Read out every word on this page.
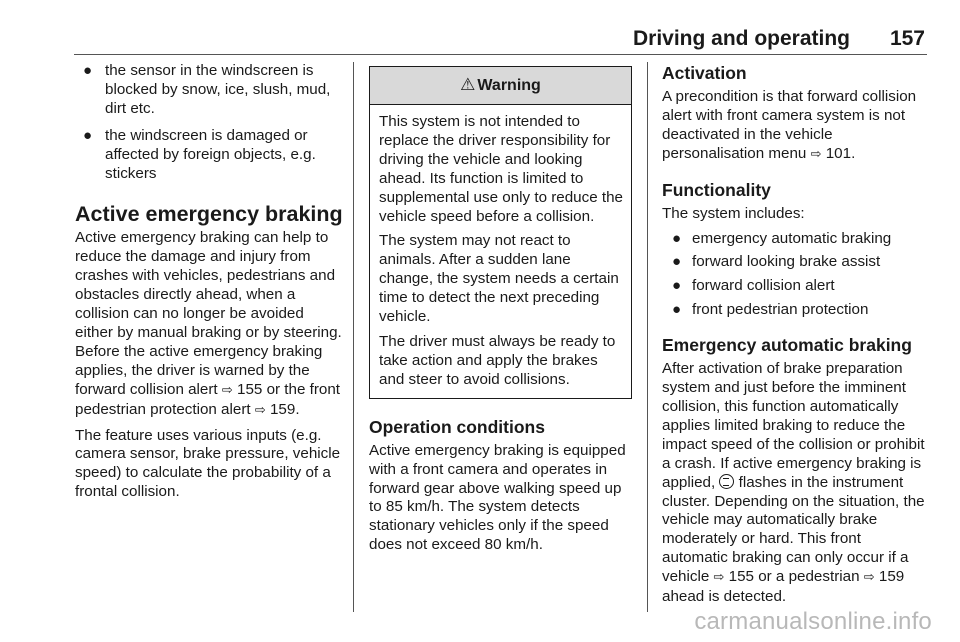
Driving and operating	157
● the sensor in the windscreen is blocked by snow, ice, slush, mud, dirt etc.
● the windscreen is damaged or affected by foreign objects, e.g. stickers
Active emergency braking

Active emergency braking can help to reduce the damage and injury from crashes with vehicles, pedestrians and obstacles directly ahead, when a collision can no longer be avoided either by manual braking or by steering. Before the active emergency braking applies, the driver is warned by the forward collision alert ⇨ 155 or the front pedestrian protection alert ⇨ 159.

The feature uses various inputs (e.g. camera sensor, brake pressure, vehicle speed) to calculate the probability of a frontal collision.

⚠ Warning

This system is not intended to replace the driver responsibility for driving the vehicle and looking ahead. Its function is limited to supplemental use only to reduce the vehicle speed before a collision.

The system may not react to animals. After a sudden lane change, the system needs a certain time to detect the next preceding vehicle.

The driver must always be ready to take action and apply the brakes and steer to avoid collisions.

Operation conditions

Active emergency braking is equipped with a front camera and operates in forward gear above walking speed up to 85 km/h. The system detects stationary vehicles only if the speed does not exceed 80 km/h.

Activation

A precondition is that forward collision alert with front camera system is not deactivated in the vehicle personalisation menu ⇨ 101.

Functionality

The system includes:

● emergency automatic braking
● forward looking brake assist
● forward collision alert
● front pedestrian protection
Emergency automatic braking

After activation of brake preparation system and just before the imminent collision, this function automatically applies limited braking to reduce the impact speed of the collision or prohibit a crash. If active emergency braking is applied,  flashes in the instrument cluster. Depending on the situation, the vehicle may automatically brake moderately or hard. This front automatic braking can only occur if a vehicle ⇨ 155 or a pedestrian ⇨ 159 ahead is detected.

carmanualsonline.info
